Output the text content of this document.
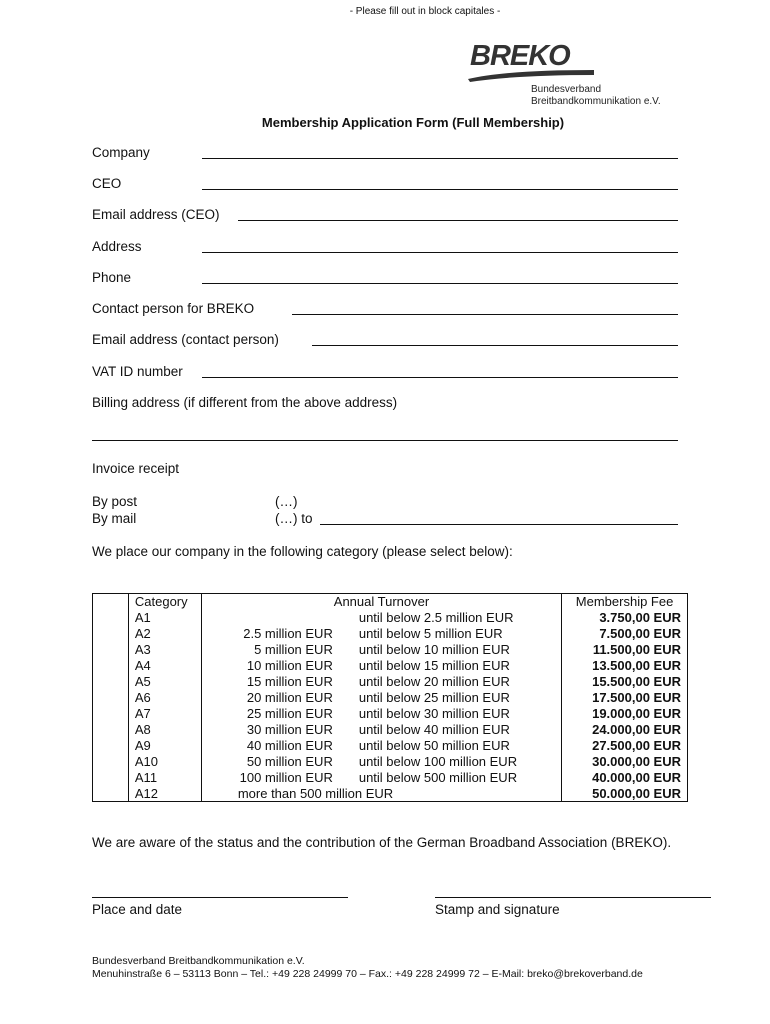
- Please fill out in block capitales -
BREKO
Bundesverband
Breitbandkommunikation e.V.
Membership Application Form (Full Membership)
Company
CEO
Email address (CEO)
Address
Phone
Contact person for BREKO
Email address (contact person)
VAT ID number
Billing address (if different from the above address)
Invoice receipt
By post	(…)
By mail	(…) to
We place our company in the following category (please select below):
	Category	Annual Turnover	Membership Fee
	A1	until below 2.5 million EUR	3.750,00 EUR
	A2	2.5 million EUR until below 5 million EUR	7.500,00 EUR
	A3	5 million EUR until below 10 million EUR	11.500,00 EUR
	A4	10 million EUR until below 15 million EUR	13.500,00 EUR
	A5	15 million EUR until below 20 million EUR	15.500,00 EUR
	A6	20 million EUR until below 25 million EUR	17.500,00 EUR
	A7	25 million EUR until below 30 million EUR	19.000,00 EUR
	A8	30 million EUR until below 40 million EUR	24.000,00 EUR
	A9	40 million EUR until below 50 million EUR	27.500,00 EUR
	A10	50 million EUR until below 100 million EUR	30.000,00 EUR
	A11	100 million EUR until below 500 million EUR	40.000,00 EUR
	A12	more than 500 million EUR	50.000,00 EUR
We are aware of the status and the contribution of the German Broadband Association (BREKO).
Place and date	Stamp and signature
Bundesverband Breitbandkommunikation e.V.
Menuhinstraße 6 – 53113 Bonn – Tel.: +49 228 24999 70 – Fax.: +49 228 24999 72 – E-Mail: breko@brekoverband.de
